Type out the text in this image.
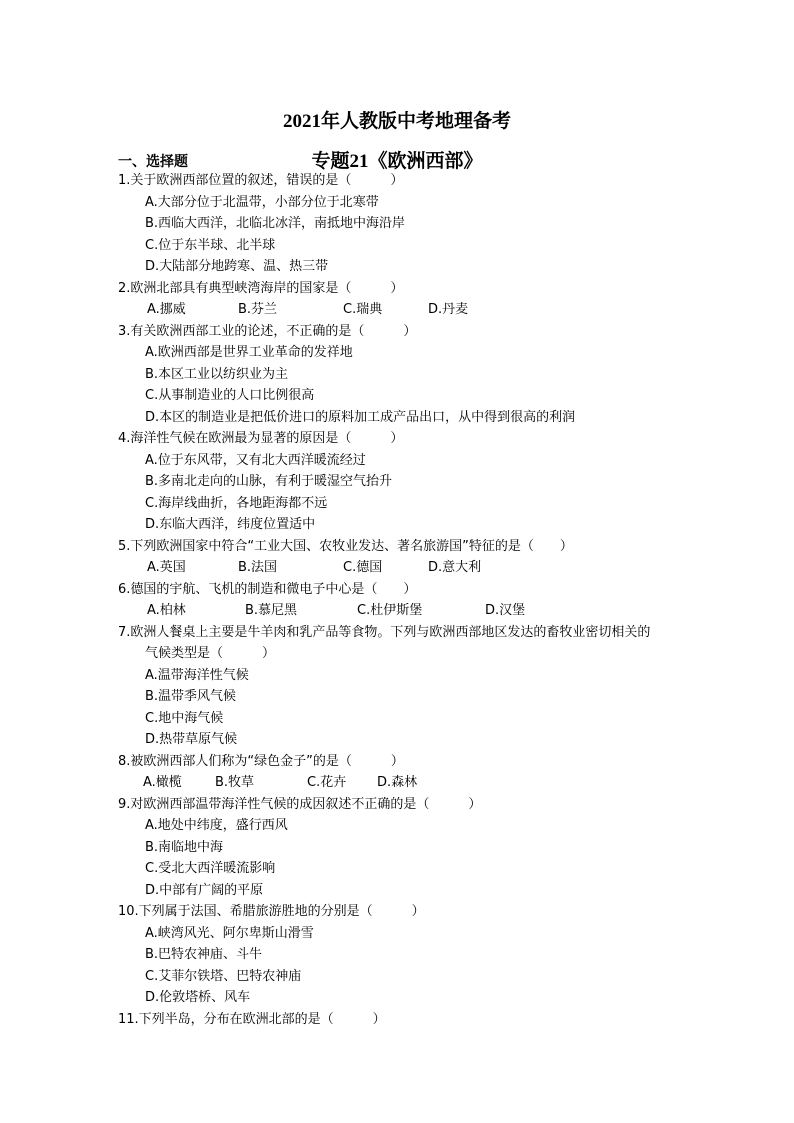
2021年人教版中考地理备考
专题21《欧洲西部》
一、选择题
1.关于欧洲西部位置的叙述，错误的是（　　　）
A.大部分位于北温带，小部分位于北寒带
B.西临大西洋，北临北冰洋，南抵地中海沿岸
C.位于东半球、北半球
D.大陆部分地跨寒、温、热三带
2.欧洲北部具有典型峡湾海岸的国家是（　　　）
A.挪威	B.芬兰	C.瑞典	D.丹麦
3.有关欧洲西部工业的论述，不正确的是（　　　）
A.欧洲西部是世界工业革命的发祥地
B.本区工业以纺织业为主
C.从事制造业的人口比例很高
D.本区的制造业是把低价进口的原料加工成产品出口，从中得到很高的利润
4.海洋性气候在欧洲最为显著的原因是（　　　）
A.位于东风带，又有北大西洋暖流经过
B.多南北走向的山脉，有利于暖湿空气抬升
C.海岸线曲折，各地距海都不远
D.东临大西洋，纬度位置适中
5.下列欧洲国家中符合“工业大国、农牧业发达、著名旅游国”特征的是（　　）
A.英国	B.法国	C.德国	D.意大利
6.德国的宇航、飞机的制造和微电子中心是（　　）
A.柏林	B.慕尼黑	C.杜伊斯堡	D.汉堡
7.欧洲人餐桌上主要是牛羊肉和乳产品等食物。下列与欧洲西部地区发达的畜牧业密切相关的
气候类型是（　　　）
A.温带海洋性气候
B.温带季风气候
C.地中海气候
D.热带草原气候
8.被欧洲西部人们称为“绿色金子”的是（　　　）
A.橄榄	B.牧草	C.花卉 D.森林
9.对欧洲西部温带海洋性气候的成因叙述不正确的是（　　　）
A.地处中纬度，盛行西风
B.南临地中海
C.受北大西洋暖流影响
D.中部有广阔的平原
10.下列属于法国、希腊旅游胜地的分别是（　　　）
A.峡湾风光、阿尔卑斯山滑雪
B.巴特农神庙、斗牛
C.艾菲尔铁塔、巴特农神庙
D.伦敦塔桥、风车
11.下列半岛，分布在欧洲北部的是（　　　）
